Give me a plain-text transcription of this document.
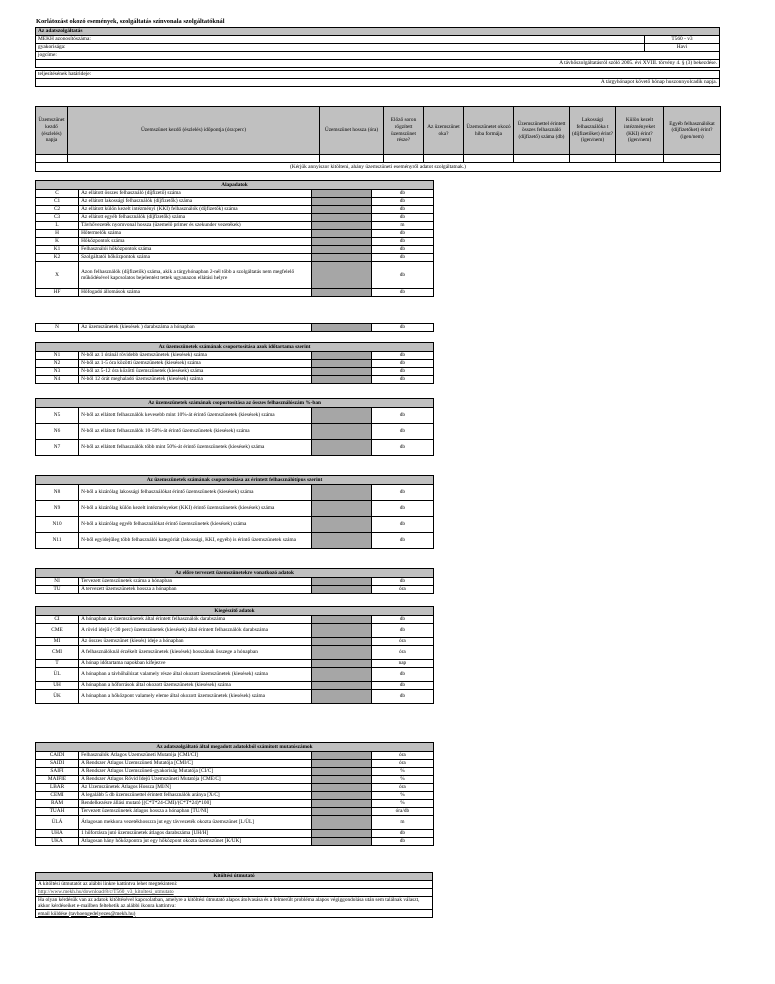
Korlátozást okozó események, szolgáltatás színvonala szolgáltatóknál
Az adatszolgáltatás	
MEKH azonosítószáma:	T560 - v3
gyakorisága:	Havi
jogcíme:	
A távhőszolgáltatásról szóló 2005. évi XVIII. törvény 4. § (3) bekezdése.	

teljesítésének határideje:	
A tárgyhónapot követő hónap huszonnyolcadik napja.	
Üzemszünet kezdő (észlelés) napja	Üzemszünet kezdő (észlelés) időpontja (óra:perc)	Üzemszünet hossza (óra)	Előző soron rögzített üzemszünet része?	Az üzemszünet oka?	Üzemszünetet okozó hiba formája	Üzemszünettel érintett összes felhasználó (díjfizető) száma (db)	Lakossági felhasználóka t (díjfizetőket) érint? (igen/nem)	Külön kezelt intézményeket (KKI) érint? (igen/nem)	Egyéb felhasználókat (díjfizetőket) érint? (igen/nem)

(Kérjük annyiszor kitölteni, ahány üzemszüneti eseményről adatot szolgáltatnak.)									
Alapadatok			
C	Az ellátott összes felhasználó (díjfizető) száma		db
C1	Az ellátott lakossági felhasználók (díjfizetők) száma		db
C2	Az ellátott külön kezelt intézményi (KKI) felhasználók (díjfizetők) száma		db
C3	Az ellátott egyéb felhasználók (díjfizetők) száma		db
L	Távhővezeték nyomvonal hossza (üzemelő primer és szekunder vezetékek)		m
H	Hőtermelők száma		db
K	Hőközpontok száma		db
K1	Felhasználói hőközpontok száma		db
K2	Szolgáltatói hőközpontok száma		db
X	Azon felhasználók (díjfizetők) száma, akik a tárgyhónapban 2-nél több a szolgáltatás nem megfelelő működésével kapcsolatos bejelentést tettek ugyanazon ellátási helyre		db
HF	Hőfogadó állomások száma		db
N	Az üzemszünetek (kiesések ) darabszáma a hónapban		db
Az üzemszünetek számának csoportosítása azok időtartama szerint			
N1	N-ből az 1 óránál rövidebb üzemszünetek (kiesések) száma		db
N2	N-ből az 1-5 óra közötti üzemszünetek (kiesések) száma		db
N3	N-ből az 5-12 óra közötti üzemszünetek (kiesések) száma		db
N4	N-ből 12 órát meghaladó üzemszünetek (kiesések) száma		db
Az üzemszünetek számának csoportosítása az összes felhasználószám %-ban			
N5	N-ből az ellátott felhasználók kevesebb mint 10%-át érintő üzemszünetek (kiesések) száma		db
N6	N-ből az ellátott felhasználók 10-50%-át érintő üzemszünetek (kiesések) száma		db
N7	N-ből az ellátott felhasználók több mint 50%-át érintő üzemszünetek (kiesések) száma		db
Az üzemszünetek számának csoportosítása az érintett felhasználótípus szerint			
N8	N-ből a kizárólag lakossági felhasználókat érintő üzemszünetek (kiesések) száma		db
N9	N-ből a kizárólag külön kezelt intézményeket (KKI) érintő üzemszünetek (kiesések) száma		db
N10	N-ből a kizárólag egyéb felhasználókat érintő üzemszünetek (kiesések) száma		db
N11	N-ből egyidejűleg több felhasználói kategóriát (lakossági, KKI, egyéb) is érintő üzemszünetek száma		db
Az előre tervezett üzemszünetekre vonatkozó adatok			
NI	Tervezett üzemszünetek száma a hónapban		db
TÜ	A tervezett üzemszünetek hossza a hónapban		óra
Kiegészítő adatok			
CI	A hónapban az üzemszünetek által érintett felhasználók darabszáma		db
CME	A rövid idejű (<30 perc) üzemszünetek (kiesések) által érintett felhasználók darabszáma		db
MI	Az összes üzemszünet (kiesés) ideje a hónapban		óra
CMI	A felhasználóknál érzékelt üzemszünetek (kiesések) hosszának összege a hónapban		óra
T	A hónap időtartama napokban kifejezve		nap
ÜL	A hónapban a távhőhálózat valamely része által okozott üzemszünetek (kiesések) száma		db
ÜH	A hónapban a hőforrások által okozott üzemszünetek (kiesések) száma		db
ÜK	A hónapban a hőközpont valamely eleme által okozott üzemszünetek (kiesések) száma		db
Az adatszolgáltató által megadott adatokból számított mutatószámok			
CAIDI	Felhasználók Átlagos Üzemszüneti Mutatója [CMI/CI]		óra
SAIDI	A Rendszer Átlagos Üzemszüneti Mutatója [CMI/C]		óra
SAIFI	A Rendszer Átlagos Üzemszüneti-gyakoriság Mutatója [CI/C]		%
MAIFIE	A Rendszer Átlagos Rövid Idejű Üzemszüneti Mutatója [CME/C]		%
LBAR	Az Üzemszünetek Átlagos Hossza [MI/N]		óra
CEMI	A legalább 5 db üzemszünettel érintett felhasználók aránya [X/C]		%
RÁM	Rendelkezésre állási mutató [(C*T*24-CMI)/(C*T*24)*100]		%
TÜÁH	Tervezett üzemszünetek átlagos hossza a hónapban [TÜ/NI]		óra/db
ÜLÁ	Átlagosan mekkora vezetékhosszra jut egy távvezeték okozta üzemszünet [L/ÜL]		m
ÜHÁ	1 hőforrásra jutó üzemszünetek átlagos darabszáma [ÜH/H]		db
ÜKÁ	Átlagosan hány hőközpontra jut egy hőközpont okozta üzemszünet [K/ÜK]		db
Kitöltési útmutató
A kitöltési útmutatót az alábbi linkre kattintva lehet megtekinteni:
http://www.mekh.hu/download/8/c/T560_v3_kitoltesi_utmutato
Ha olyan kérdésük van az adatok kitöltésével kapcsolatban, amelyre a kitöltési útmutató alapos átolvasása és a felmerült probléma alapos végiggondolása után sem találnak választ, akkor kérdéseiket e-mailben feltehetik az alábbi ikonra kattintva:
email küldése (tavhoengedelyezes@mekh.hu)
